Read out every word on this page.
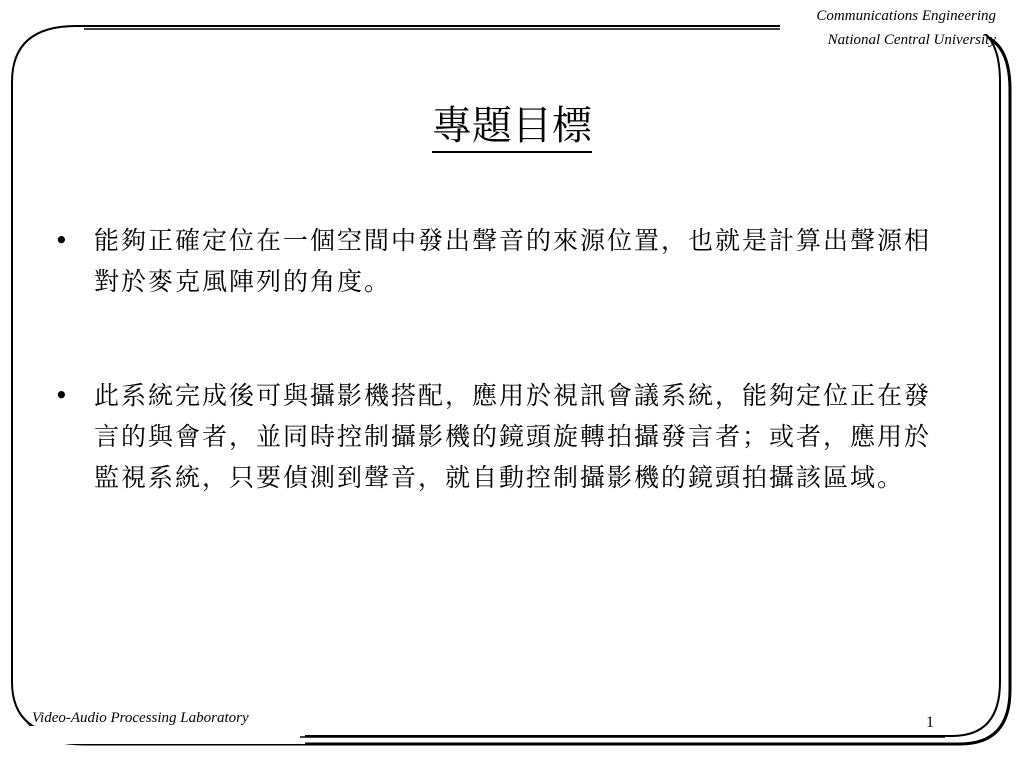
Communications Engineering
National Central University
專題目標
•	能夠正確定位在一個空間中發出聲音的來源位置，也就是計算出聲源相對於麥克風陣列的角度。
•	此系統完成後可與攝影機搭配，應用於視訊會議系統，能夠定位正在發言的與會者，並同時控制攝影機的鏡頭旋轉拍攝發言者；或者，應用於監視系統，只要偵測到聲音，就自動控制攝影機的鏡頭拍攝該區域。
Video-Audio Processing Laboratory	1
